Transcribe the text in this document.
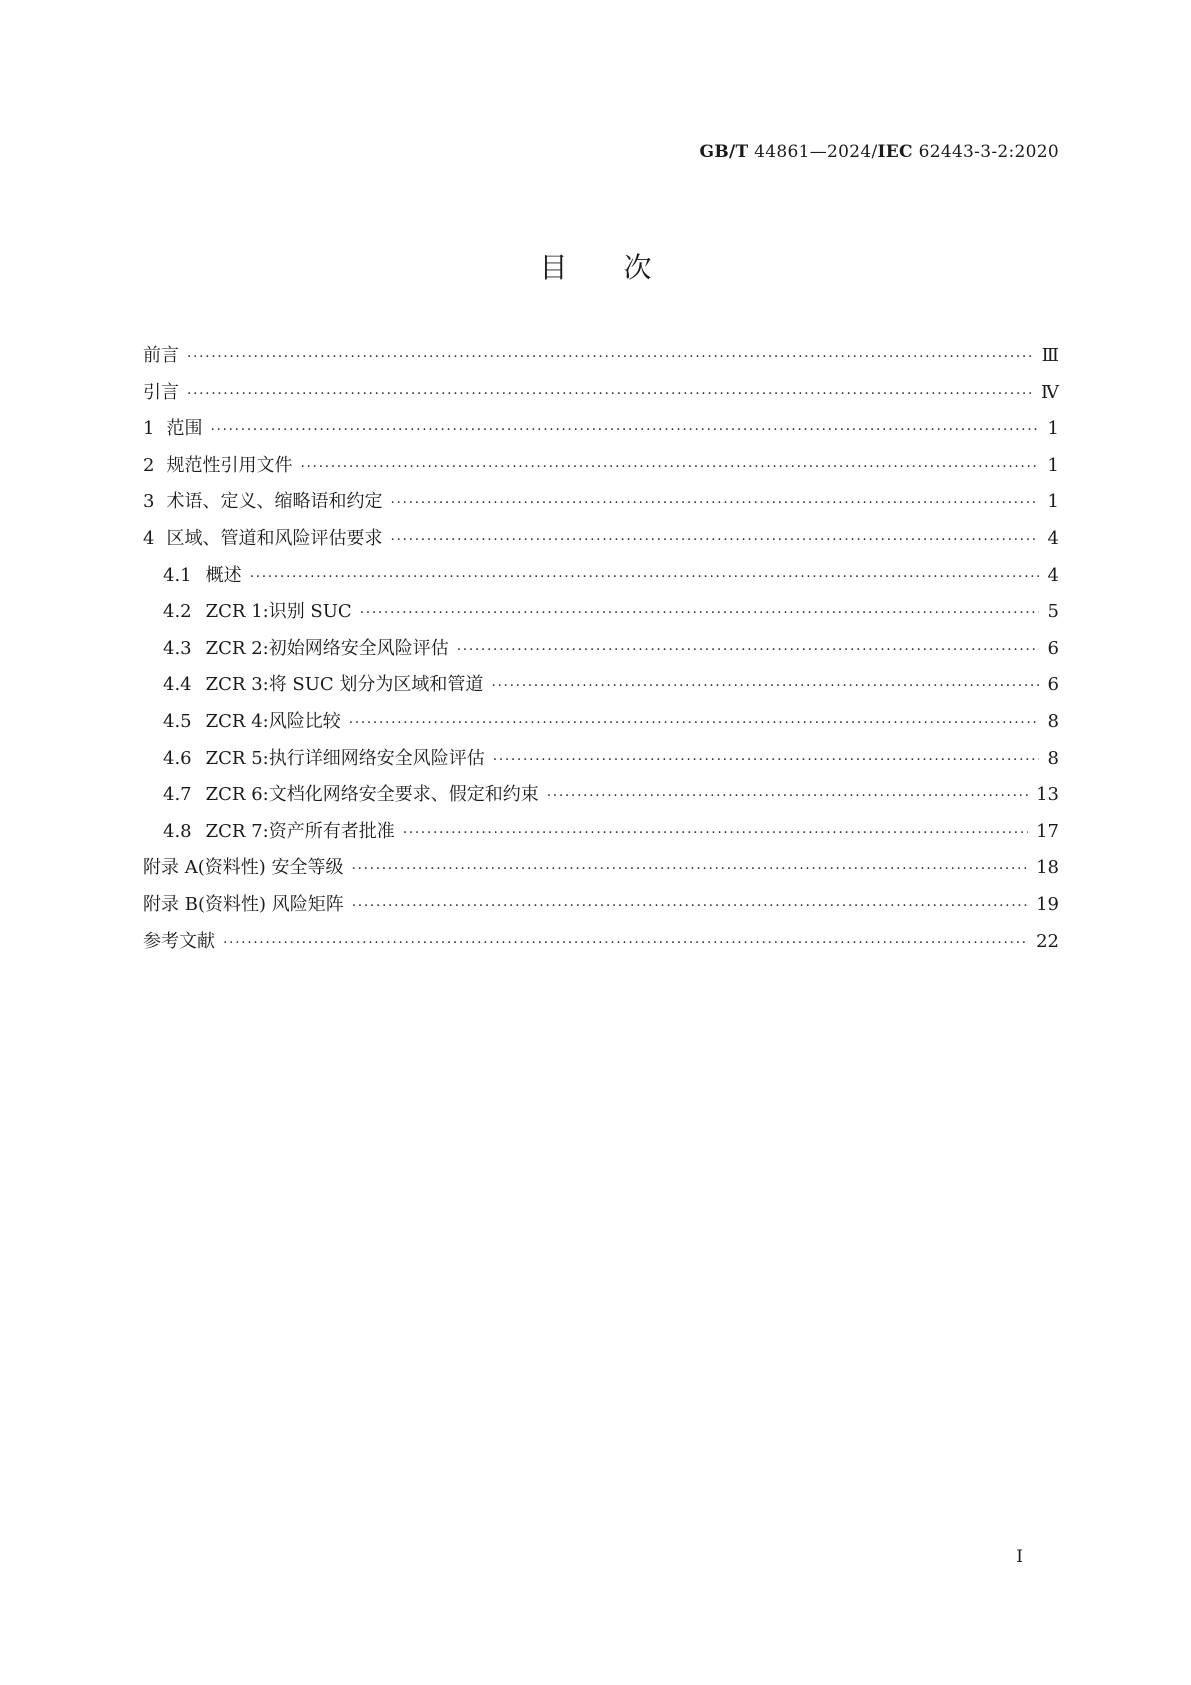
GB/T 44861—2024/IEC 62443-3-2:2020
目次
前言 ·····	Ⅲ
引言 ·····	Ⅳ
1 范围 ·····	1
2 规范性引用文件 ·····	1
3 术语、定义、缩略语和约定 ·····	1
4 区域、管道和风险评估要求 ·····	4
4.1 概述 ·····	4
4.2 ZCR 1:识别 SUC ·····	5
4.3 ZCR 2:初始网络安全风险评估 ·····	6
4.4 ZCR 3:将 SUC 划分为区域和管道 ·····	6
4.5 ZCR 4:风险比较 ·····	8
4.6 ZCR 5:执行详细网络安全风险评估 ·····	8
4.7 ZCR 6:文档化网络安全要求、假定和约束 ·····	13
4.8 ZCR 7:资产所有者批准 ·····	17
附录 A(资料性) 安全等级 ·····	18
附录 B(资料性) 风险矩阵 ·····	19
参考文献 ·····	22
I
